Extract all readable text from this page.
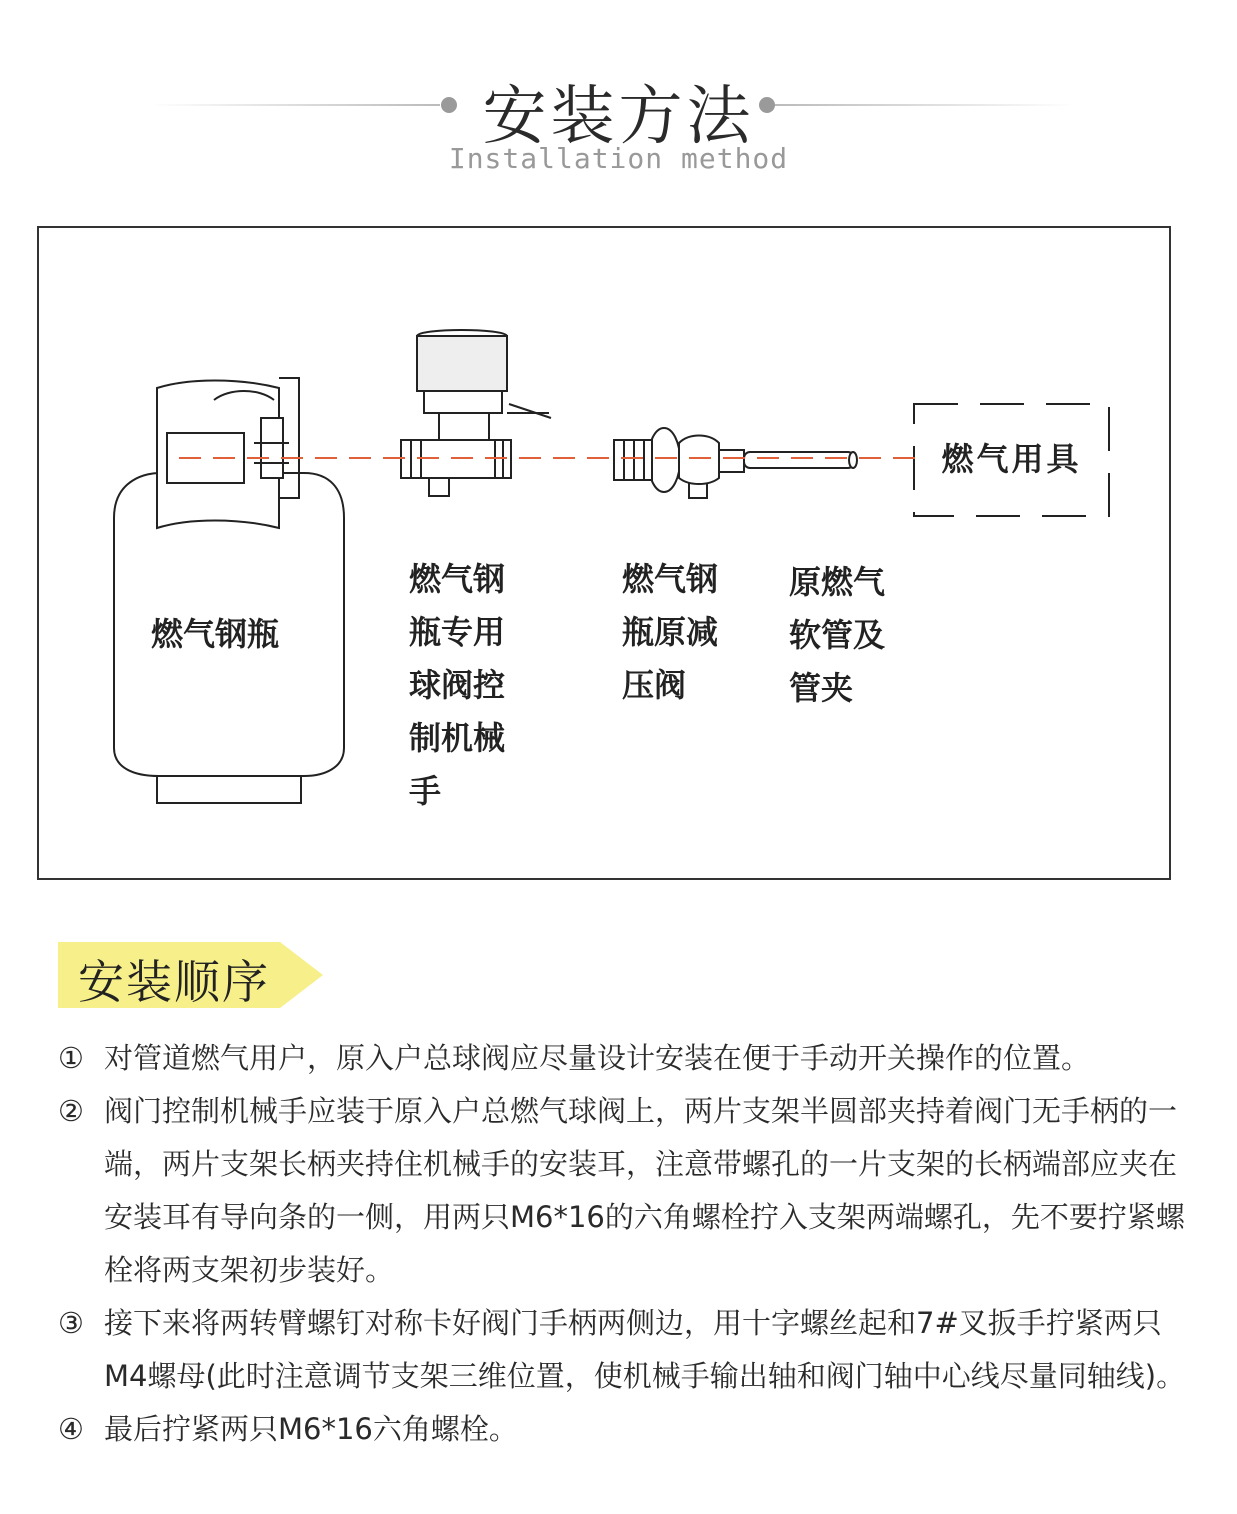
安装方法
Installation method
燃气钢瓶
燃气钢
瓶专用
球阀控
制机械
手
燃气钢
瓶原减
压阀
原燃气
软管及
管夹
燃气用具
安装顺序
① 对管道燃气用户，原入户总球阀应尽量设计安装在便于手动开关操作的位置。
② 阀门控制机械手应装于原入户总燃气球阀上，两片支架半圆部夹持着阀门无手柄的一端，两片支架长柄夹持住机械手的安装耳，注意带螺孔的一片支架的长柄端部应夹在安装耳有导向条的一侧，用两只M6*16的六角螺栓拧入支架两端螺孔，先不要拧紧螺栓将两支架初步装好。
③ 接下来将两转臂螺钉对称卡好阀门手柄两侧边，用十字螺丝起和7#叉扳手拧紧两只M4螺母(此时注意调节支架三维位置，使机械手输出轴和阀门轴中心线尽量同轴线)。
④ 最后拧紧两只M6*16六角螺栓。
